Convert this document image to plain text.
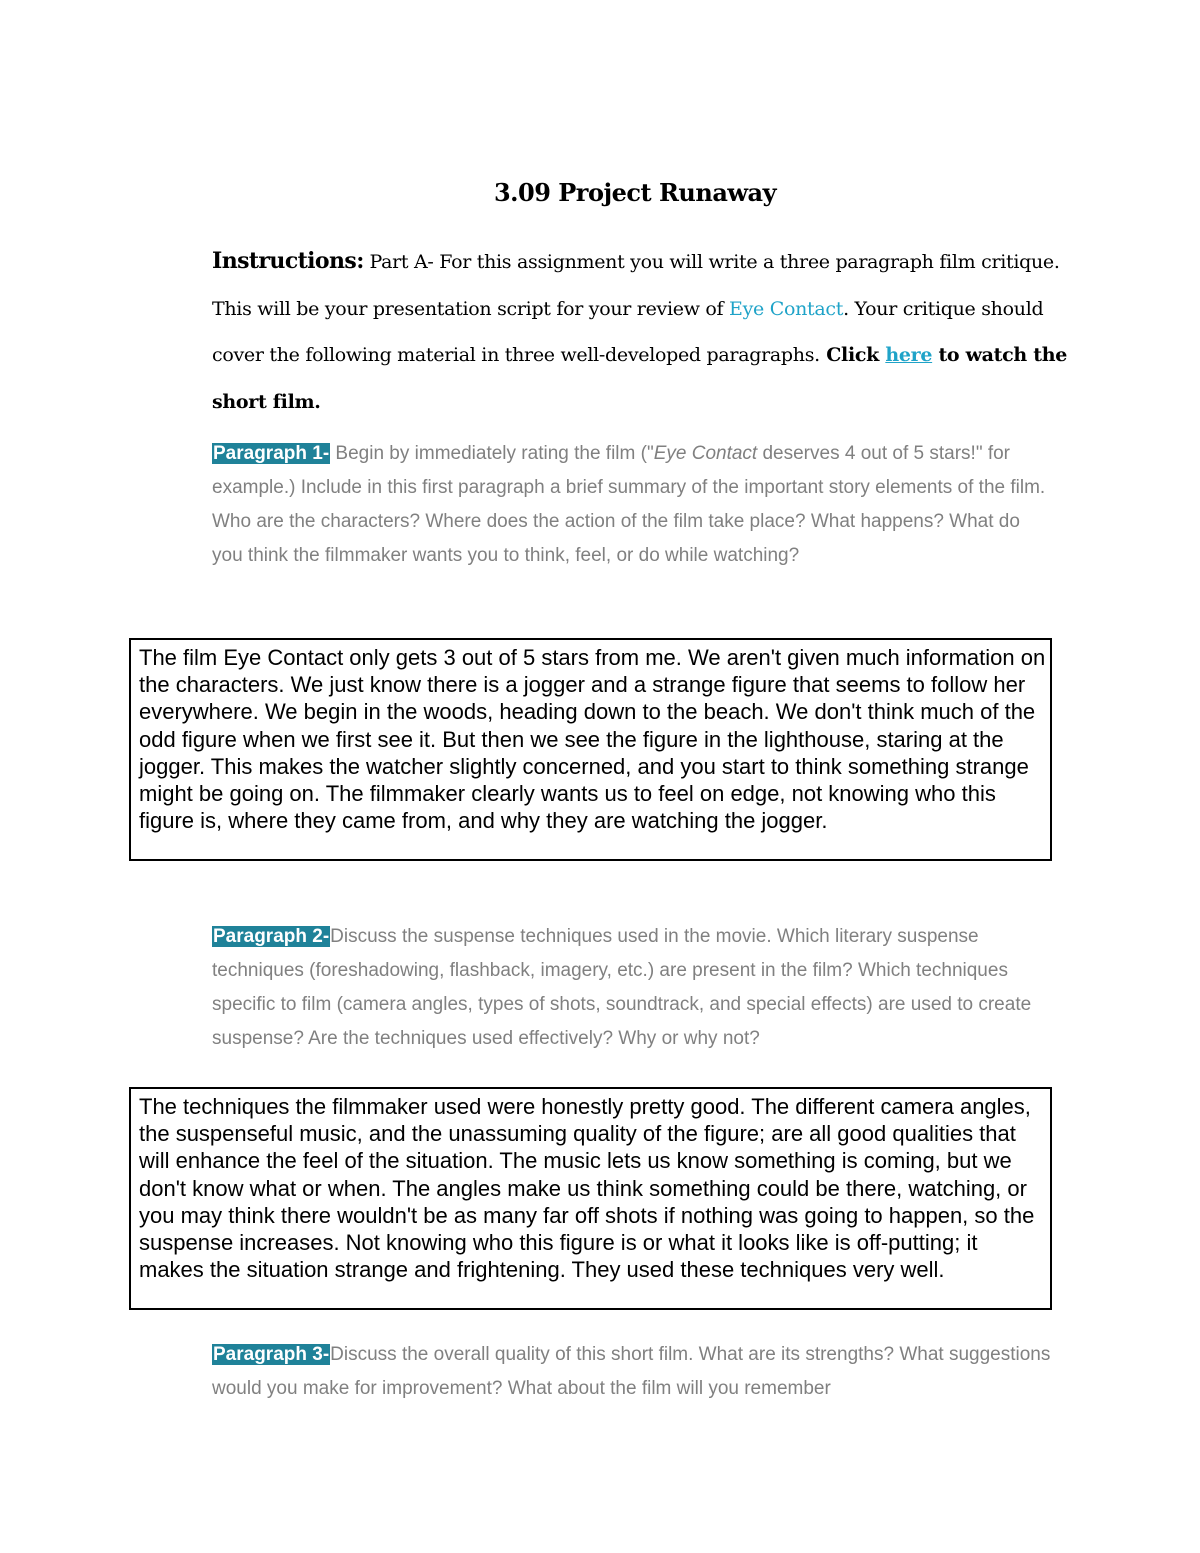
3.09 Project Runaway
Instructions: Part A- For this assignment you will write a three paragraph film critique. This will be your presentation script for your review of Eye Contact. Your critique should cover the following material in three well-developed paragraphs. Click here to watch the short film.
Paragraph 1- Begin by immediately rating the film ("Eye Contact deserves 4 out of 5 stars!" for example.) Include in this first paragraph a brief summary of the important story elements of the film. Who are the characters? Where does the action of the film take place? What happens? What do you think the filmmaker wants you to think, feel, or do while watching?
The film Eye Contact only gets 3 out of 5 stars from me. We aren't given much information on the characters. We just know there is a jogger and a strange figure that seems to follow her everywhere. We begin in the woods, heading down to the beach. We don't think much of the odd figure when we first see it. But then we see the figure in the lighthouse, staring at the jogger. This makes the watcher slightly concerned, and you start to think something strange might be going on. The filmmaker clearly wants us to feel on edge, not knowing who this figure is, where they came from, and why they are watching the jogger.
Paragraph 2-Discuss the suspense techniques used in the movie. Which literary suspense techniques (foreshadowing, flashback, imagery, etc.) are present in the film? Which techniques specific to film (camera angles, types of shots, soundtrack, and special effects) are used to create suspense? Are the techniques used effectively? Why or why not?
The techniques the filmmaker used were honestly pretty good. The different camera angles, the suspenseful music, and the unassuming quality of the figure; are all good qualities that will enhance the feel of the situation. The music lets us know something is coming, but we don't know what or when. The angles make us think something could be there, watching, or you may think there wouldn't be as many far off shots if nothing was going to happen, so the suspense increases. Not knowing who this figure is or what it looks like is off-putting; it makes the situation strange and frightening. They used these techniques very well.
Paragraph 3-Discuss the overall quality of this short film. What are its strengths? What suggestions would you make for improvement? What about the film will you remember
